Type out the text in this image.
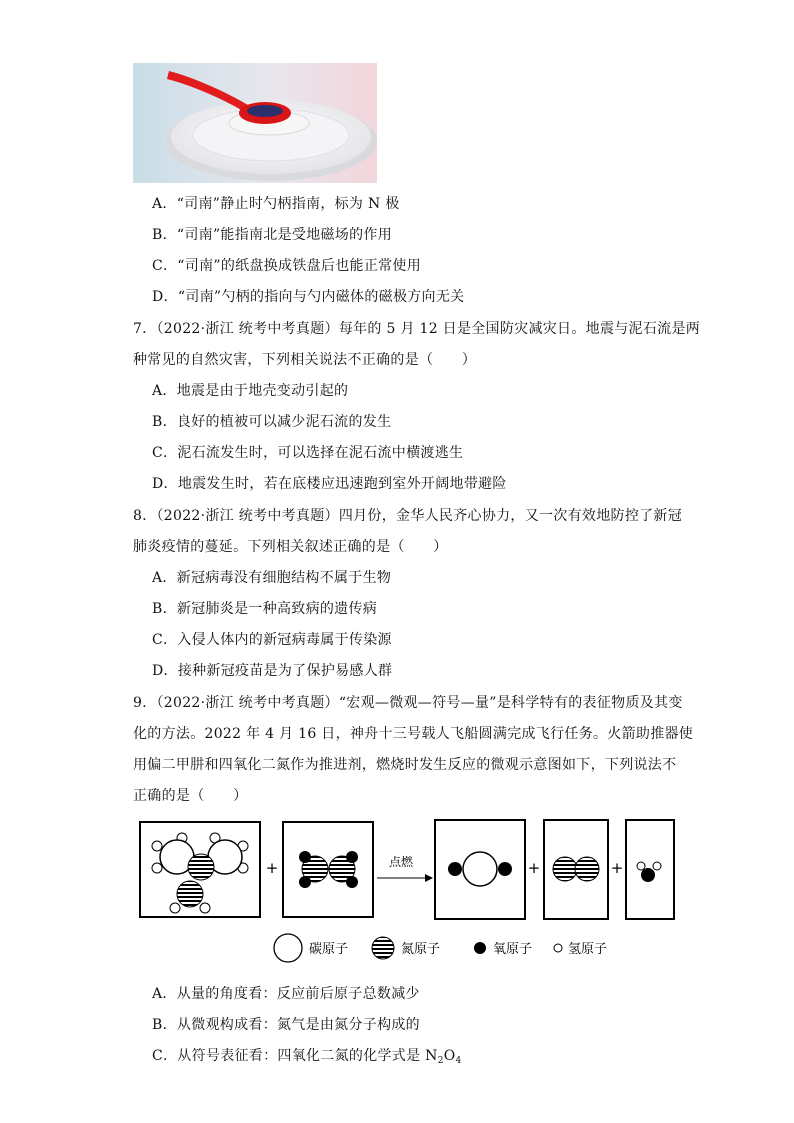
A．“司南”静止时勺柄指南，标为 N 极
B．“司南”能指南北是受地磁场的作用
C．“司南”的纸盘换成铁盘后也能正常使用
D．“司南”勺柄的指向与勺内磁体的磁极方向无关
7．（2022·浙江 统考中考真题）每年的 5 月 12 日是全国防灾减灾日。地震与泥石流是两
种常见的自然灾害，下列相关说法不正确的是（　　）
A．地震是由于地壳变动引起的
B．良好的植被可以减少泥石流的发生
C．泥石流发生时，可以选择在泥石流中横渡逃生
D．地震发生时，若在底楼应迅速跑到室外开阔地带避险
8．（2022·浙江 统考中考真题）四月份，金华人民齐心协力，又一次有效地防控了新冠
肺炎疫情的蔓延。下列相关叙述正确的是（　　）
A．新冠病毒没有细胞结构不属于生物
B．新冠肺炎是一种高致病的遗传病
C．入侵人体内的新冠病毒属于传染源
D．接种新冠疫苗是为了保护易感人群
9．（2022·浙江 统考中考真题）“宏观—微观—符号—量”是科学特有的表征物质及其变
化的方法。2022 年 4 月 16 日，神舟十三号载人飞船圆满完成飞行任务。火箭助推器使
用偏二甲肼和四氧化二氮作为推进剂，燃烧时发生反应的微观示意图如下，下列说法不
正确的是（　　）
+	点燃	+	+
碳原子	氮原子	氧原子	氢原子
A．从量的角度看：反应前后原子总数减少
B．从微观构成看：氮气是由氮分子构成的
C．从符号表征看：四氧化二氮的化学式是 $N_2O_4$
